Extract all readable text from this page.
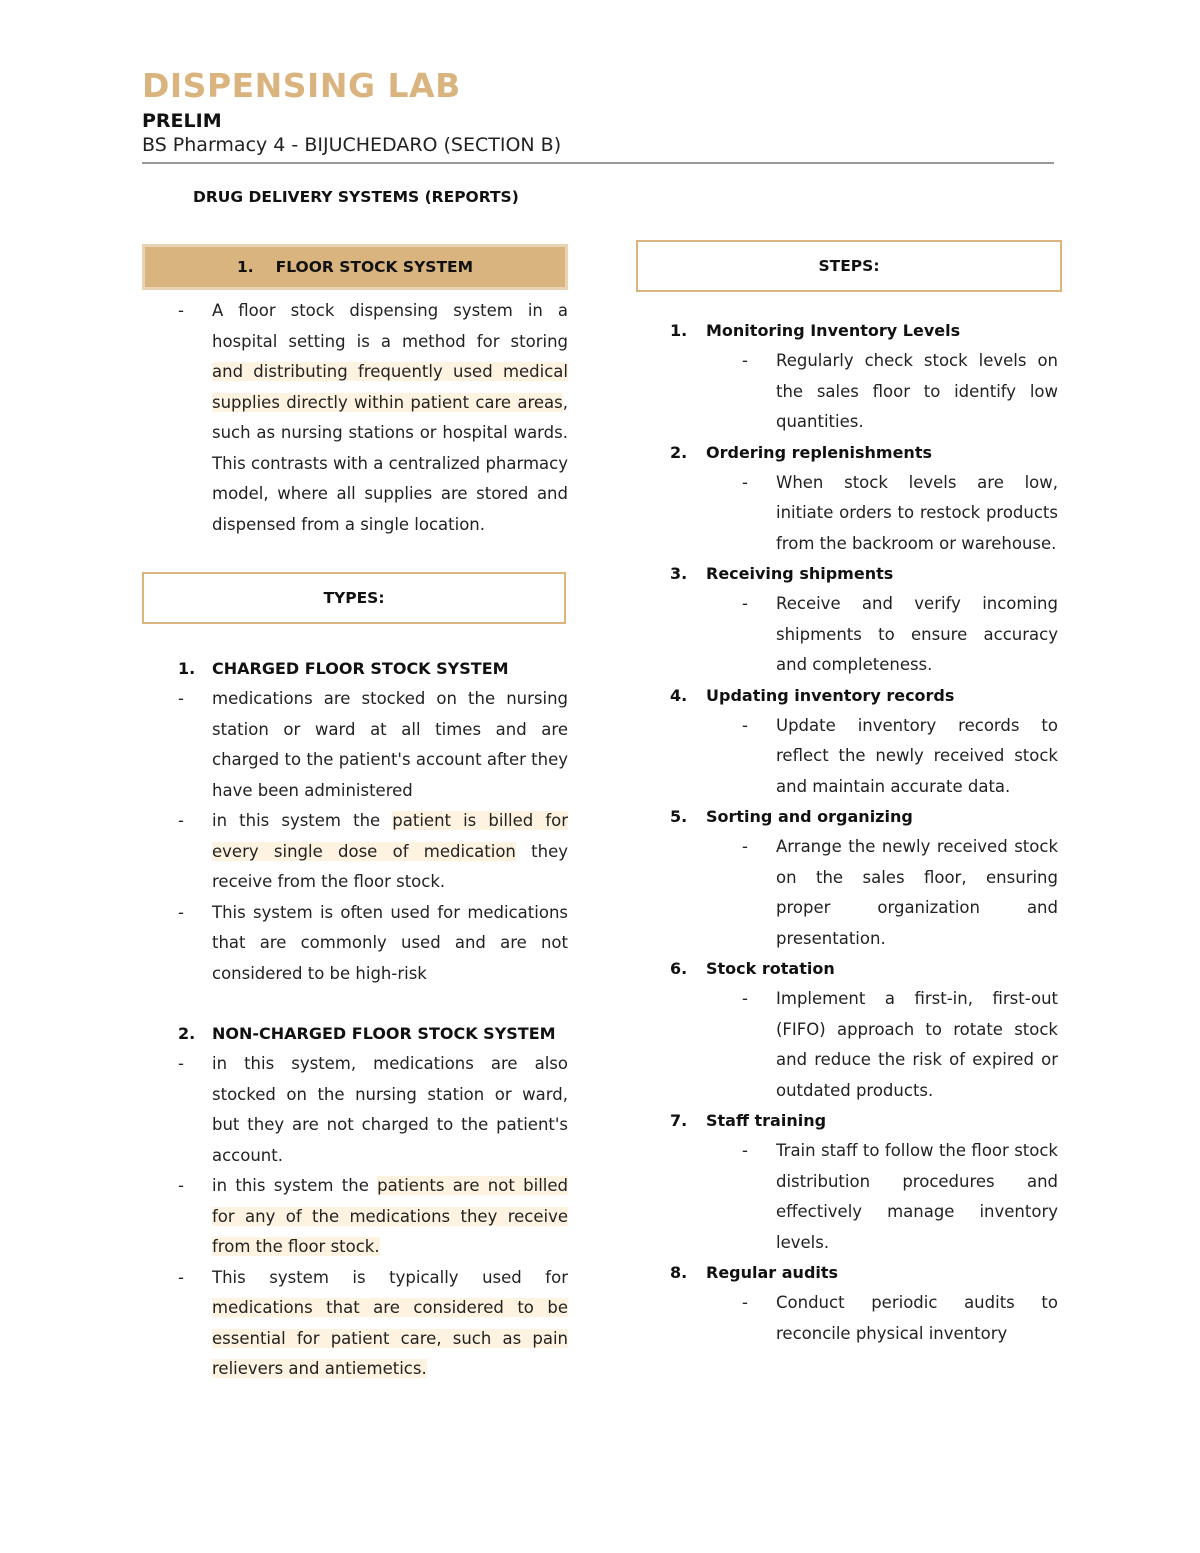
DISPENSING LAB
PRELIM
BS Pharmacy 4 - BIJUCHEDARO (SECTION B)
DRUG DELIVERY SYSTEMS (REPORTS)
1. FLOOR STOCK SYSTEM
- A floor stock dispensing system in a hospital setting is a method for storing and distributing frequently used medical supplies directly within patient care areas, such as nursing stations or hospital wards. This contrasts with a centralized pharmacy model, where all supplies are stored and dispensed from a single location.
TYPES:
1. CHARGED FLOOR STOCK SYSTEM
- medications are stocked on the nursing station or ward at all times and are charged to the patient's account after they have been administered
- in this system the patient is billed for every single dose of medication they receive from the floor stock.
- This system is often used for medications that are commonly used and are not considered to be high-risk
2. NON-CHARGED FLOOR STOCK SYSTEM
- in this system, medications are also stocked on the nursing station or ward, but they are not charged to the patient's account.
- in this system the patients are not billed for any of the medications they receive from the floor stock.
- This system is typically used for medications that are considered to be essential for patient care, such as pain relievers and antiemetics.
STEPS:
1. Monitoring Inventory Levels
- Regularly check stock levels on the sales floor to identify low quantities.
2. Ordering replenishments
- When stock levels are low, initiate orders to restock products from the backroom or warehouse.
3. Receiving shipments
- Receive and verify incoming shipments to ensure accuracy and completeness.
4. Updating inventory records
- Update inventory records to reflect the newly received stock and maintain accurate data.
5. Sorting and organizing
- Arrange the newly received stock on the sales floor, ensuring proper organization and presentation.
6. Stock rotation
- Implement a first-in, first-out (FIFO) approach to rotate stock and reduce the risk of expired or outdated products.
7. Staff training
- Train staff to follow the floor stock distribution procedures and effectively manage inventory levels.
8. Regular audits
- Conduct periodic audits to reconcile physical inventory
